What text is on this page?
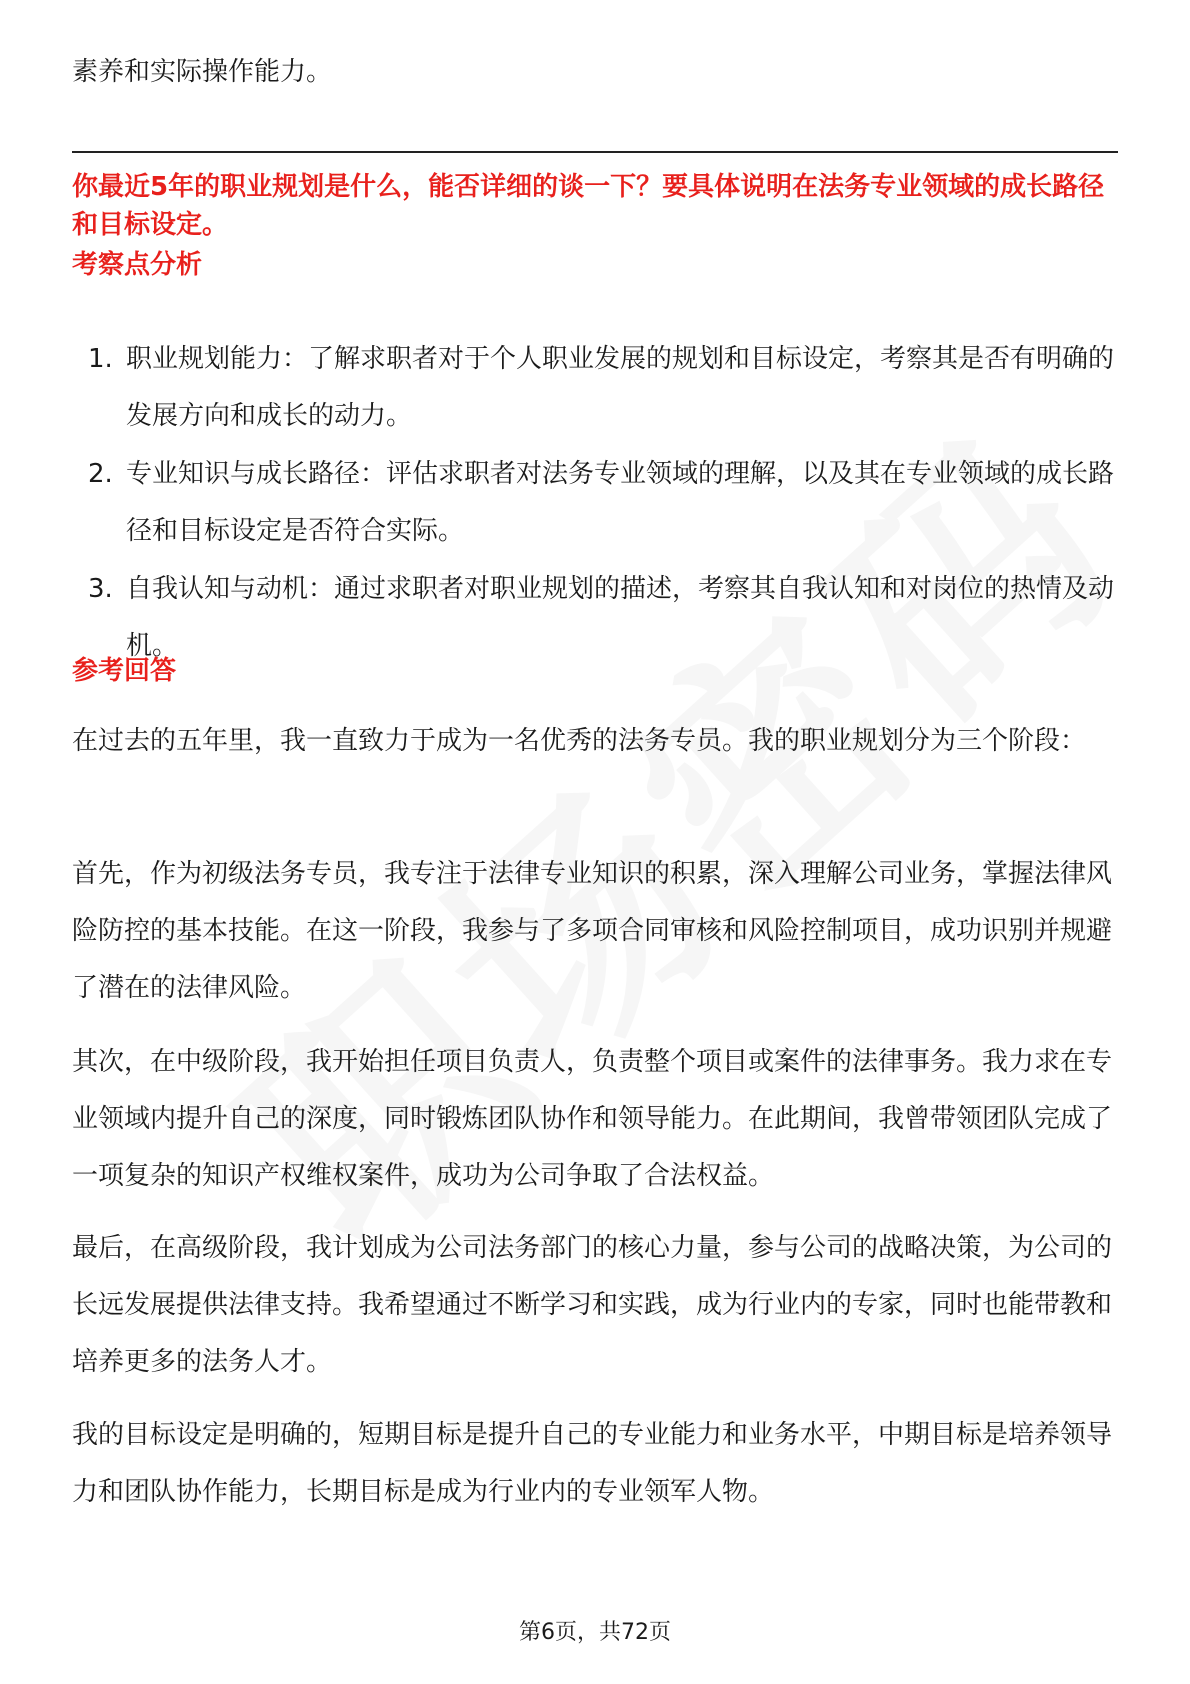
素养和实际操作能力。
你最近5年的职业规划是什么，能否详细的谈一下？要具体说明在法务专业领域的成长路径和目标设定。
考察点分析
1. 职业规划能力：了解求职者对于个人职业发展的规划和目标设定，考察其是否有明确的发展方向和成长的动力。
2. 专业知识与成长路径：评估求职者对法务专业领域的理解，以及其在专业领域的成长路径和目标设定是否符合实际。
3. 自我认知与动机：通过求职者对职业规划的描述，考察其自我认知和对岗位的热情及动机。
参考回答
在过去的五年里，我一直致力于成为一名优秀的法务专员。我的职业规划分为三个阶段：
首先，作为初级法务专员，我专注于法律专业知识的积累，深入理解公司业务，掌握法律风险防控的基本技能。在这一阶段，我参与了多项合同审核和风险控制项目，成功识别并规避了潜在的法律风险。
其次，在中级阶段，我开始担任项目负责人，负责整个项目或案件的法律事务。我力求在专业领域内提升自己的深度，同时锻炼团队协作和领导能力。在此期间，我曾带领团队完成了一项复杂的知识产权维权案件，成功为公司争取了合法权益。
最后，在高级阶段，我计划成为公司法务部门的核心力量，参与公司的战略决策，为公司的长远发展提供法律支持。我希望通过不断学习和实践，成为行业内的专家，同时也能带教和培养更多的法务人才。
我的目标设定是明确的，短期目标是提升自己的专业能力和业务水平，中期目标是培养领导力和团队协作能力，长期目标是成为行业内的专业领军人物。
第6页，共72页
